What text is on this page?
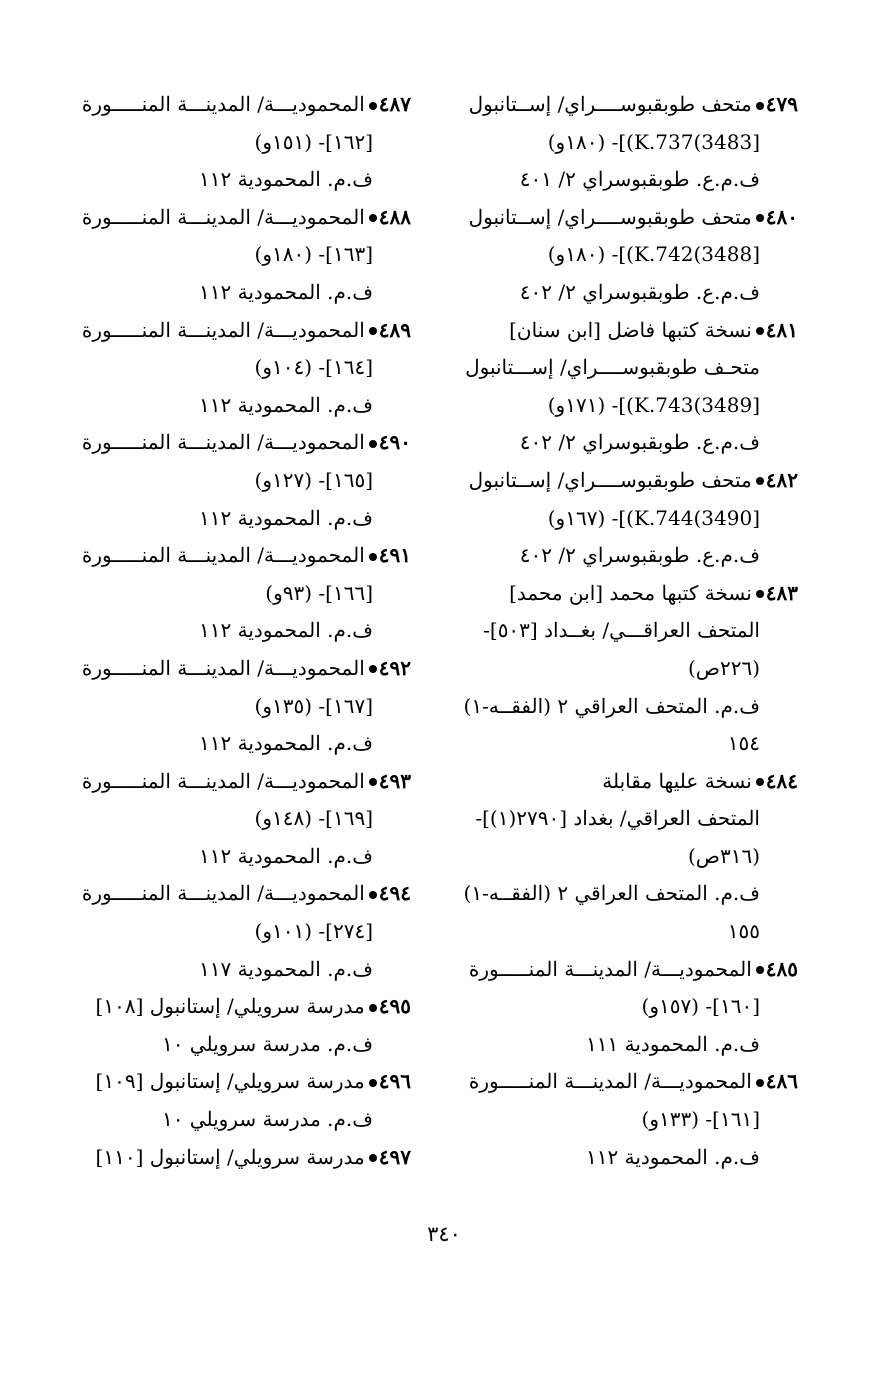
٤٧٩متحف طوبقبوســــراي/ إســتانبول
[3483)K.737)]- (١٨٠و)
ف.م.ع. طوبقبوسراي ٢/ ٤٠١
٤٨٠متحف طوبقبوســــراي/ إســتانبول
[3488)K.742)]- (١٨٠و)
ف.م.ع. طوبقبوسراي ٢/ ٤٠٢
٤٨١نسخة كتبها فاضل [ابن سنان]
متحـف طوبقبوســــراي/ إســـتانبول
[3489)K.743)]- (١٧١و)
ف.م.ع. طوبقبوسراي ٢/ ٤٠٢
٤٨٢متحف طوبقبوســــراي/ إســتانبول
[3490)K.744)]- (١٦٧و)
ف.م.ع. طوبقبوسراي ٢/ ٤٠٢
٤٨٣نسخة كتبها محمد [ابن محمد]
المتحف العراقـــي/ بغــداد [٥٠٣]-
(٢٢٦ص)
ف.م. المتحف العراقي ٢ (الفقــه-١)
١٥٤
٤٨٤نسخة عليها مقابلة
المتحف العراقي/ بغداد [٢٧٩٠(١)]-
(٣١٦ص)
ف.م. المتحف العراقي ٢ (الفقــه-١)
١٥٥
٤٨٥المحموديـــة/ المدينـــة المنـــــورة
[١٦٠]- (١٥٧و)
ف.م. المحمودية ١١١
٤٨٦المحموديـــة/ المدينـــة المنـــــورة
[١٦١]- (١٣٣و)
ف.م. المحمودية ١١٢
٤٨٧المحموديـــة/ المدينـــة المنـــــورة
[١٦٢]- (١٥١و)
ف.م. المحمودية ١١٢
٤٨٨المحموديـــة/ المدينـــة المنـــــورة
[١٦٣]- (١٨٠و)
ف.م. المحمودية ١١٢
٤٨٩المحموديـــة/ المدينـــة المنـــــورة
[١٦٤]- (١٠٤و)
ف.م. المحمودية ١١٢
٤٩٠المحموديـــة/ المدينـــة المنـــــورة
[١٦٥]- (١٢٧و)
ف.م. المحمودية ١١٢
٤٩١المحموديـــة/ المدينـــة المنـــــورة
[١٦٦]- (٩٣و)
ف.م. المحمودية ١١٢
٤٩٢المحموديـــة/ المدينـــة المنـــــورة
[١٦٧]- (١٣٥و)
ف.م. المحمودية ١١٢
٤٩٣المحموديـــة/ المدينـــة المنـــــورة
[١٦٩]- (١٤٨و)
ف.م. المحمودية ١١٢
٤٩٤المحموديـــة/ المدينـــة المنـــــورة
[٢٧٤]- (١٠١و)
ف.م. المحمودية ١١٧
٤٩٥مدرسة سرويلي/ إستانبول [١٠٨]
ف.م. مدرسة سرويلي ١٠
٤٩٦مدرسة سرويلي/ إستانبول [١٠٩]
ف.م. مدرسة سرويلي ١٠
٤٩٧مدرسة سرويلي/ إستانبول [١١٠]
٣٤٠
